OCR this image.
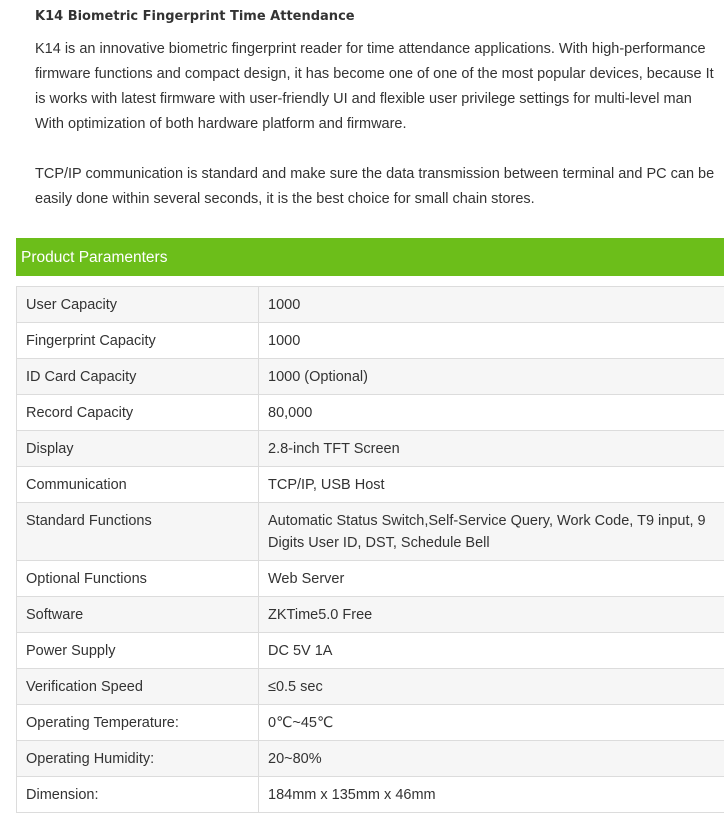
K14 Biometric Fingerprint Time Attendance

K14 is an innovative biometric fingerprint reader for time attendance applications. With high-performance firmware functions and compact design, it has become one of one of the most popular devices, because It is works with latest firmware with user-friendly UI and flexible user privilege settings for multi-level man With optimization of both hardware platform and firmware.

TCP/IP communication is standard and make sure the data transmission between terminal and PC can be easily done within several seconds, it is the best choice for small chain stores.

Product Paramenters
User Capacity	1000
Fingerprint Capacity	1000
ID Card Capacity	1000 (Optional)
Record Capacity	80,000
Display	2.8-inch TFT Screen
Communication	TCP/IP, USB Host
Standard Functions	Automatic Status Switch,Self-Service Query, Work Code, T9 input, 9 Digits User ID, DST, Schedule Bell
Optional Functions	Web Server
Software	ZKTime5.0 Free
Power Supply	DC 5V 1A
Verification Speed	≤0.5 sec
Operating Temperature:	0℃~45℃
Operating Humidity:	20~80%
Dimension:	184mm x 135mm x 46mm
